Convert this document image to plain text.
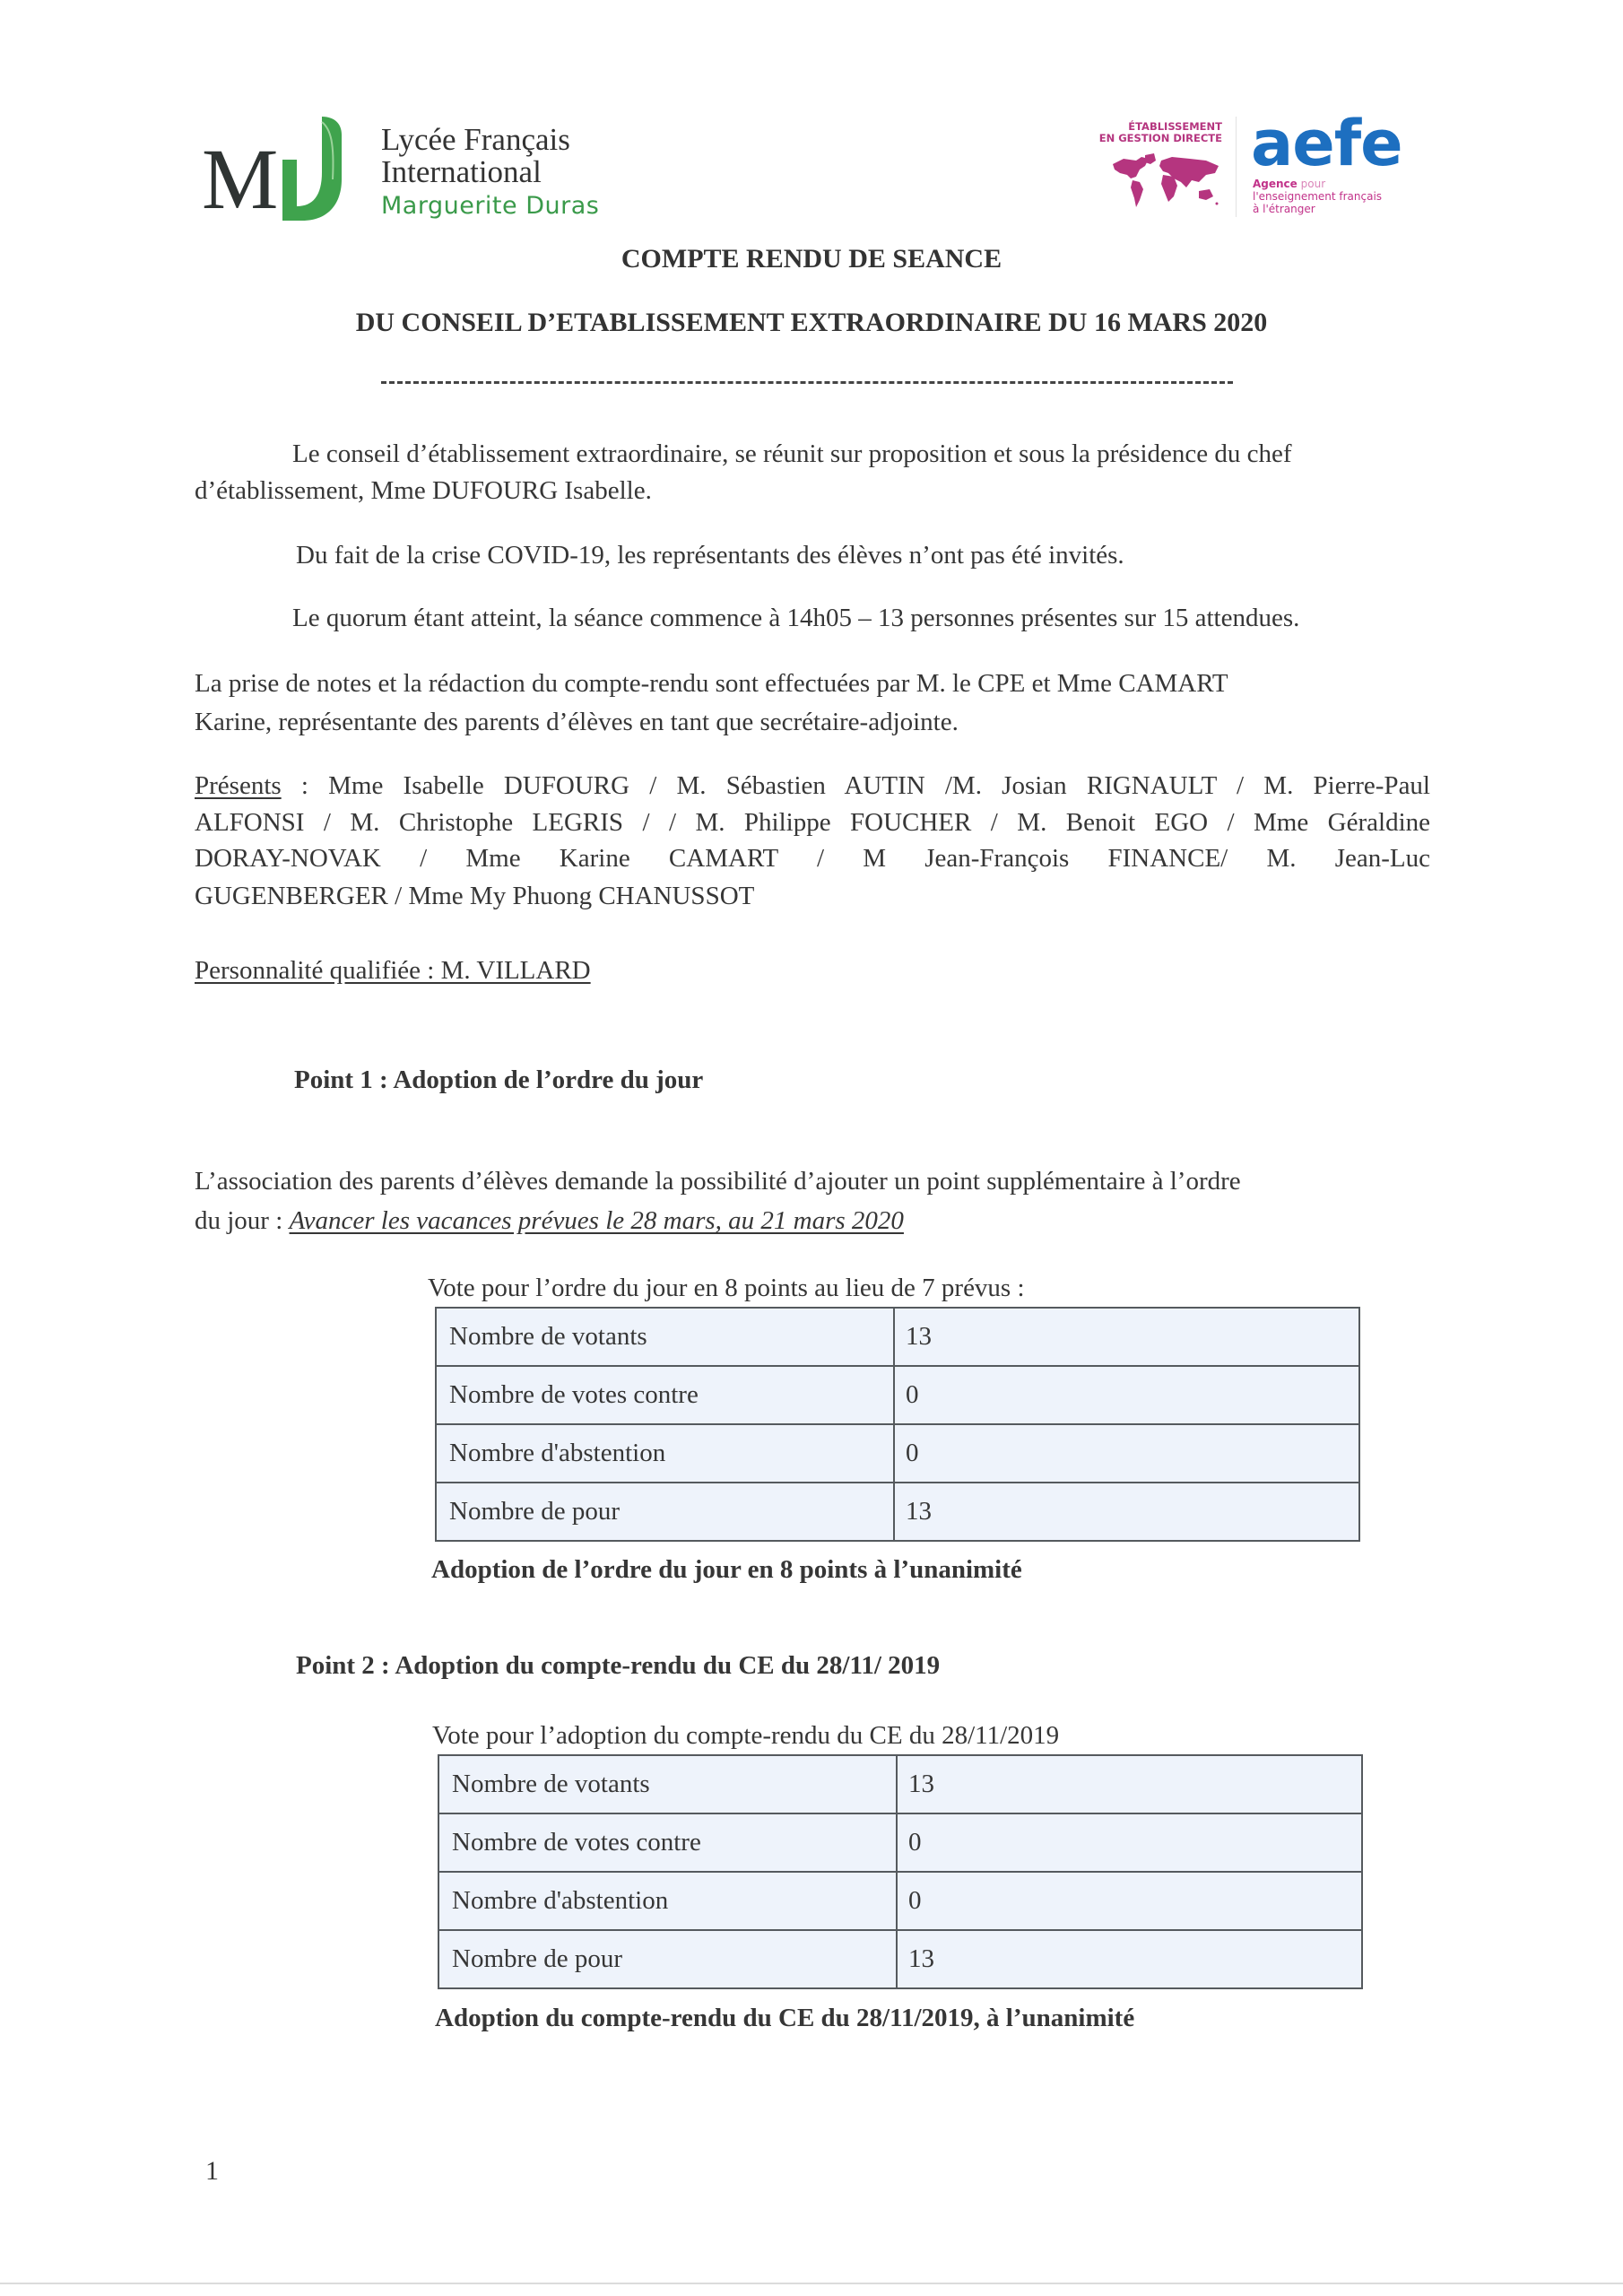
M	Lycée Français
International
Marguerite Duras
ÉTABLISSEMENT
EN GESTION DIRECTE aefe
Agence pour
l'enseignement français
à l'étranger
COMPTE RENDU DE SEANCE
DU CONSEIL D’ETABLISSEMENT EXTRAORDINAIRE DU 16 MARS 2020
Le conseil d’établissement extraordinaire, se réunit sur proposition et sous la présidence du chef
d’établissement, Mme DUFOURG Isabelle.
Du fait de la crise COVID-19, les représentants des élèves n’ont pas été invités.
Le quorum étant atteint, la séance commence à 14h05 – 13 personnes présentes sur 15 attendues.
La prise de notes et la rédaction du compte-rendu sont effectuées par M. le CPE et Mme CAMART
Karine, représentante des parents d’élèves en tant que secrétaire-adjointe.
Présents : Mme Isabelle DUFOURG / M. Sébastien AUTIN /M. Josian RIGNAULT / M. Pierre-Paul
ALFONSI / M. Christophe LEGRIS / / M. Philippe FOUCHER / M. Benoit EGO / Mme Géraldine
DORAY-NOVAK / Mme Karine CAMART / M Jean-François FINANCE/ M. Jean-Luc
GUGENBERGER / Mme My Phuong CHANUSSOT
Personnalité qualifiée : M. VILLARD
Point 1 : Adoption de l’ordre du jour
L’association des parents d’élèves demande la possibilité d’ajouter un point supplémentaire à l’ordre
du jour : Avancer les vacances prévues le 28 mars, au 21 mars 2020
Vote pour l’ordre du jour en 8 points au lieu de 7 prévus :
Nombre de votants	13
Nombre de votes contre	0
Nombre d'abstention	0
Nombre de pour	13
Adoption de l’ordre du jour en 8 points à l’unanimité
Point 2 : Adoption du compte-rendu du CE du 28/11/ 2019
Vote pour l’adoption du compte-rendu du CE du 28/11/2019
Nombre de votants	13
Nombre de votes contre	0
Nombre d'abstention	0
Nombre de pour	13
Adoption du compte-rendu du CE du 28/11/2019, à l’unanimité
1
